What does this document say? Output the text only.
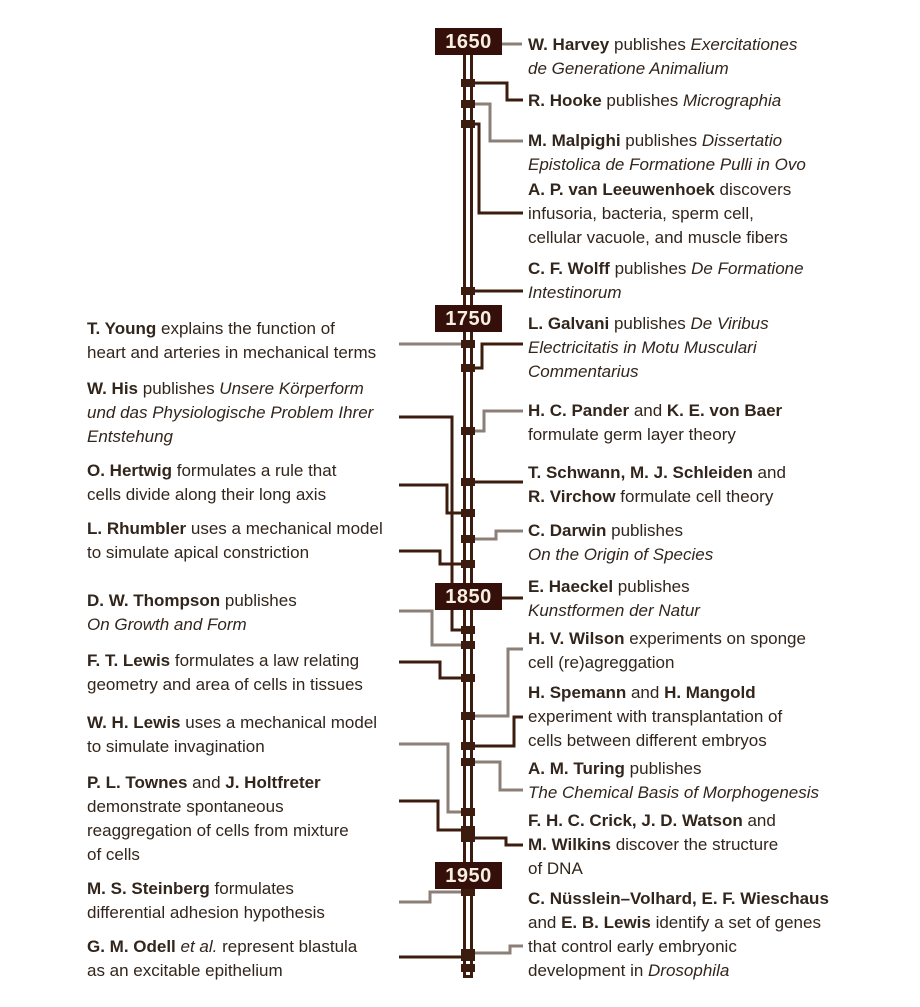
1650
1750
1850
1950
W. Harvey publishes Exercitationes
de Generatione Animalium
R. Hooke publishes Micrographia
M. Malpighi publishes Dissertatio
Epistolica de Formatione Pulli in Ovo
A. P. van Leeuwenhoek discovers
infusoria, bacteria, sperm cell,
cellular vacuole, and muscle fibers
C. F. Wolff publishes De Formatione
Intestinorum
L. Galvani publishes De Viribus
Electricitatis in Motu Musculari
Commentarius
H. C. Pander and K. E. von Baer
formulate germ layer theory
T. Schwann, M. J. Schleiden and
R. Virchow formulate cell theory
C. Darwin publishes
On the Origin of Species
E. Haeckel publishes
Kunstformen der Natur
H. V. Wilson experiments on sponge
cell (re)agreggation
H. Spemann and H. Mangold
experiment with transplantation of
cells between different embryos
A. M. Turing publishes
The Chemical Basis of Morphogenesis
F. H. C. Crick, J. D. Watson and
M. Wilkins discover the structure
of DNA
C. Nüsslein–Volhard, E. F. Wieschaus
and E. B. Lewis identify a set of genes
that control early embryonic
development in Drosophila
T. Young explains the function of
heart and arteries in mechanical terms
W. His publishes Unsere Körperform
und das Physiologische Problem Ihrer
Entstehung
O. Hertwig formulates a rule that
cells divide along their long axis
L. Rhumbler uses a mechanical model
to simulate apical constriction
D. W. Thompson publishes
On Growth and Form
F. T. Lewis formulates a law relating
geometry and area of cells in tissues
W. H. Lewis uses a mechanical model
to simulate invagination
P. L. Townes and J. Holtfreter
demonstrate spontaneous
reaggregation of cells from mixture
of cells
M. S. Steinberg formulates
differential adhesion hypothesis
G. M. Odell et al. represent blastula
as an excitable epithelium
